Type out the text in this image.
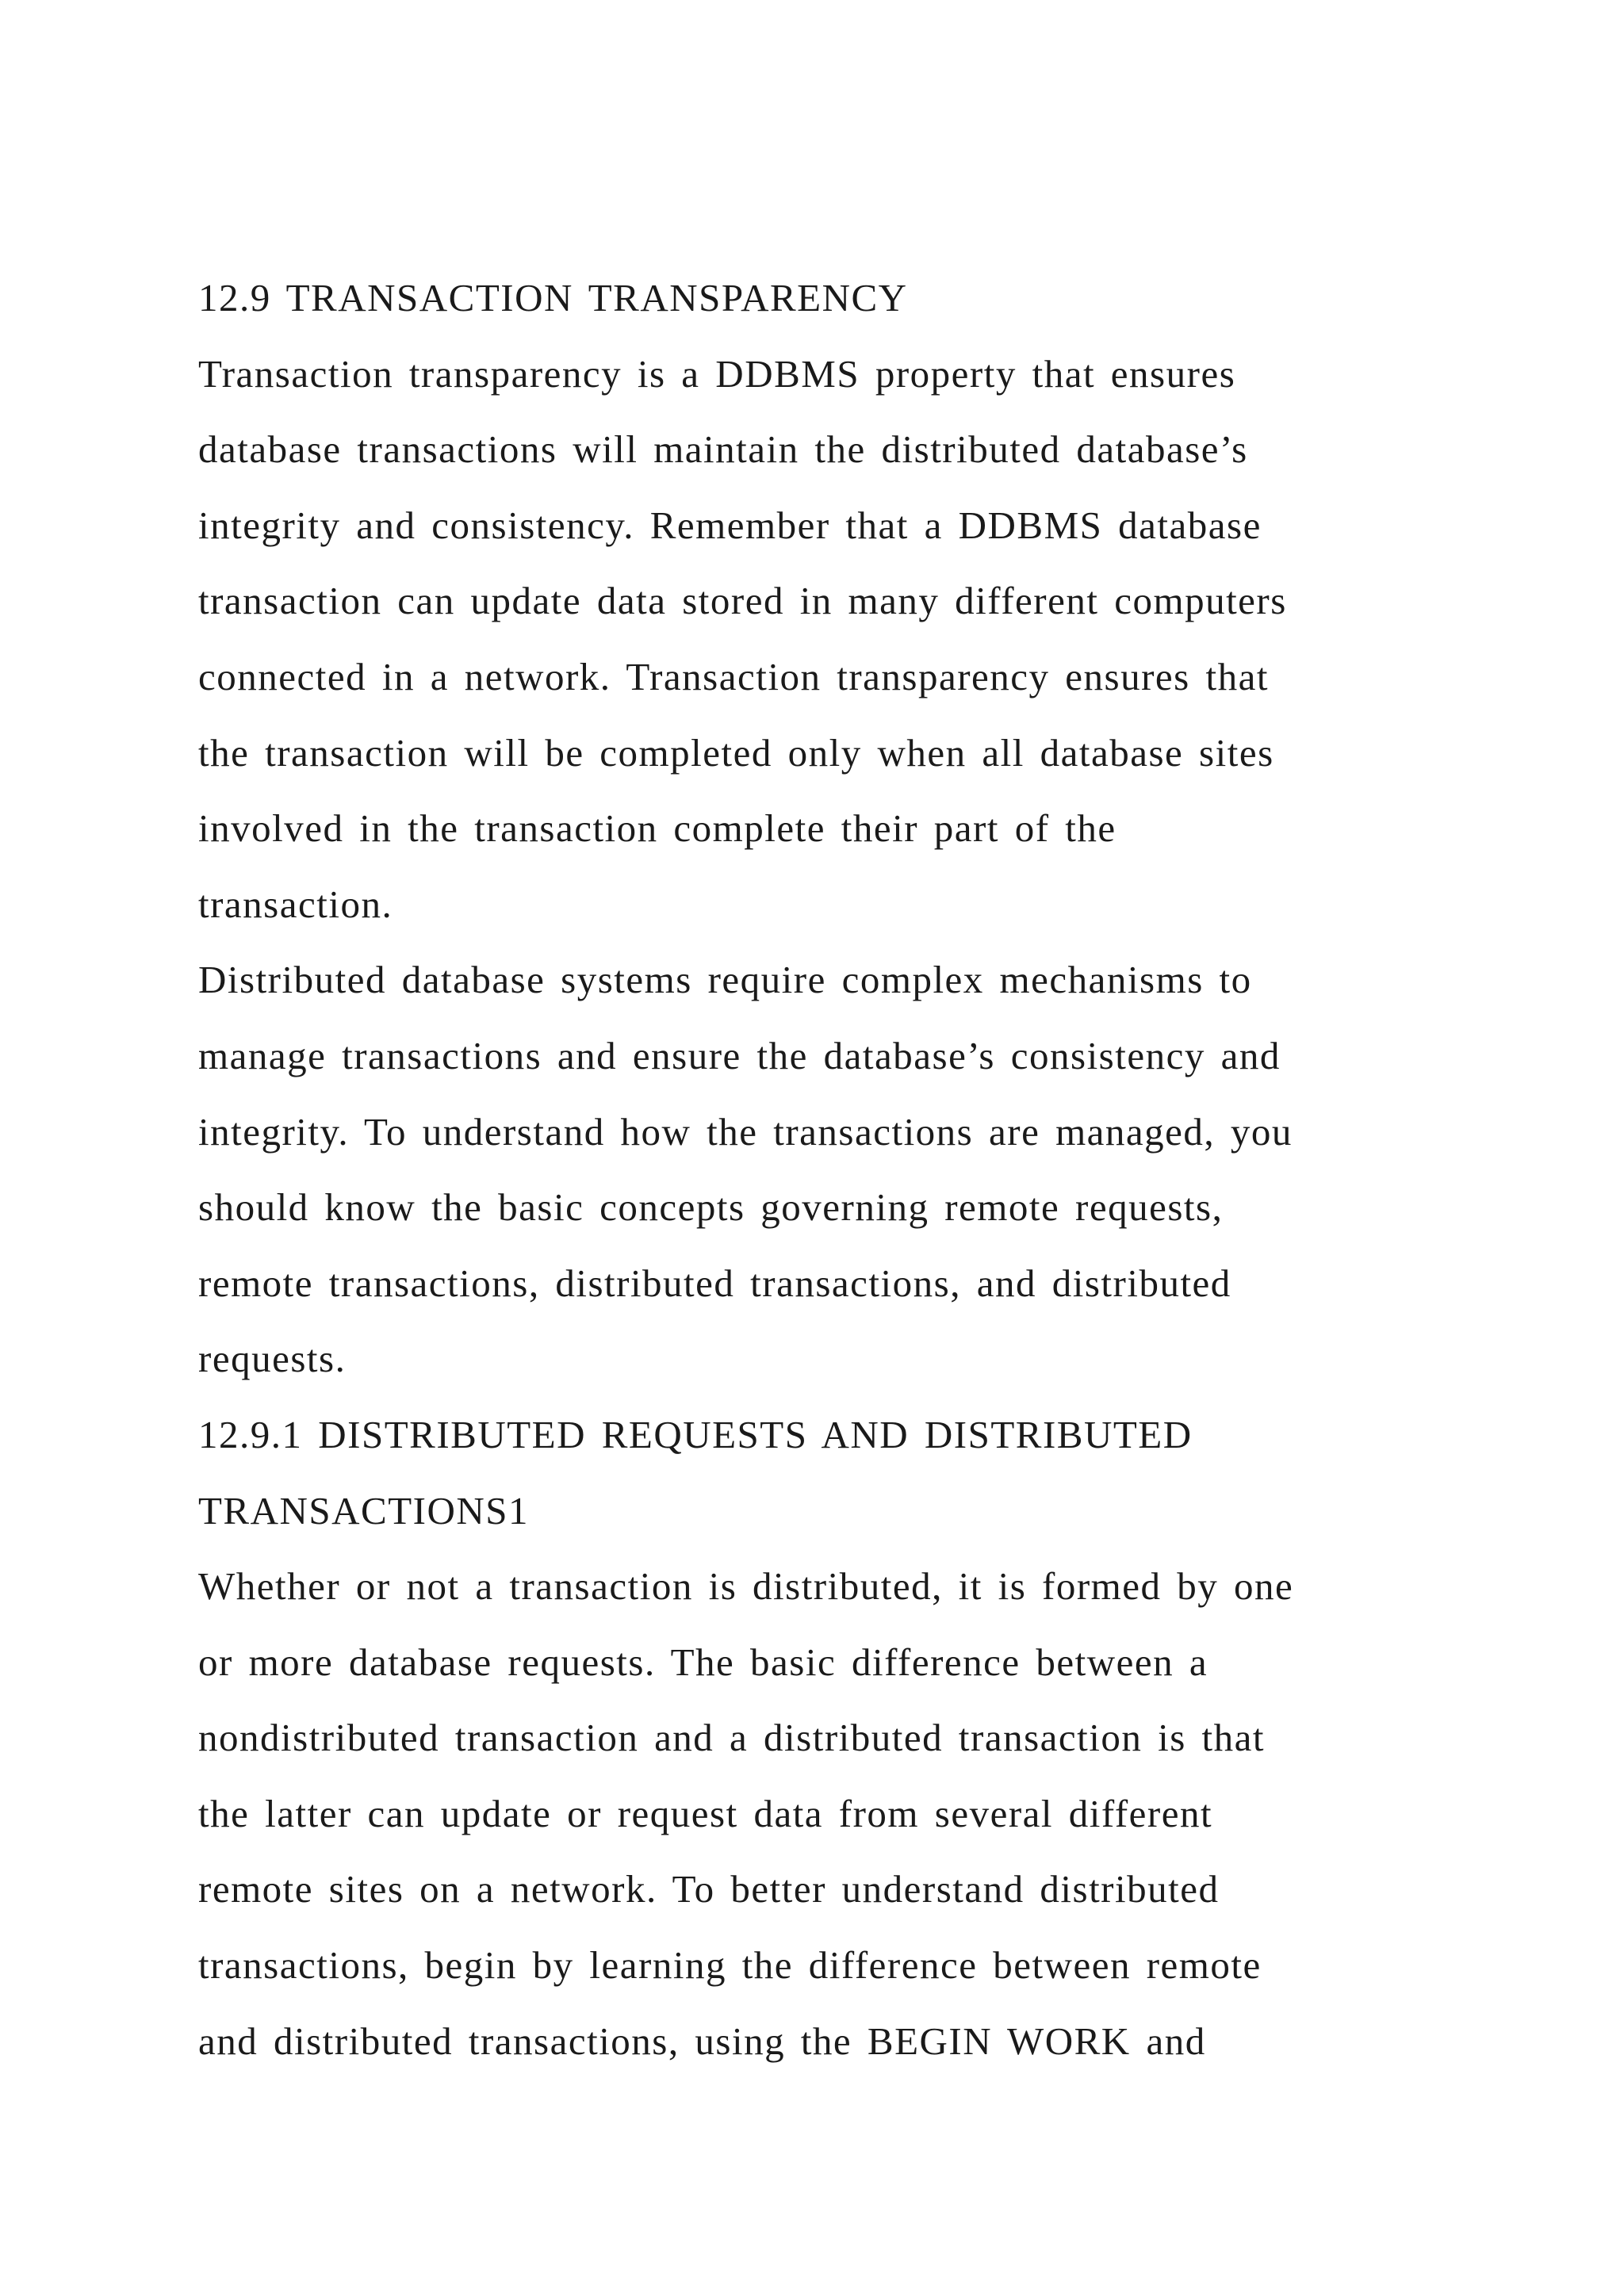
12.9 TRANSACTION TRANSPARENCY
Transaction transparency is a DDBMS property that ensures
database transactions will maintain the distributed database’s
integrity and consistency. Remember that a DDBMS database
transaction can update data stored in many different computers
connected in a network. Transaction transparency ensures that
the transaction will be completed only when all database sites
involved in the transaction complete their part of the
transaction.
Distributed database systems require complex mechanisms to
manage transactions and ensure the database’s consistency and
integrity. To understand how the transactions are managed, you
should know the basic concepts governing remote requests,
remote transactions, distributed transactions, and distributed
requests.
12.9.1 DISTRIBUTED REQUESTS AND DISTRIBUTED
TRANSACTIONS1
Whether or not a transaction is distributed, it is formed by one
or more database requests. The basic difference between a
nondistributed transaction and a distributed transaction is that
the latter can update or request data from several different
remote sites on a network. To better understand distributed
transactions, begin by learning the difference between remote
and distributed transactions, using the BEGIN WORK and
